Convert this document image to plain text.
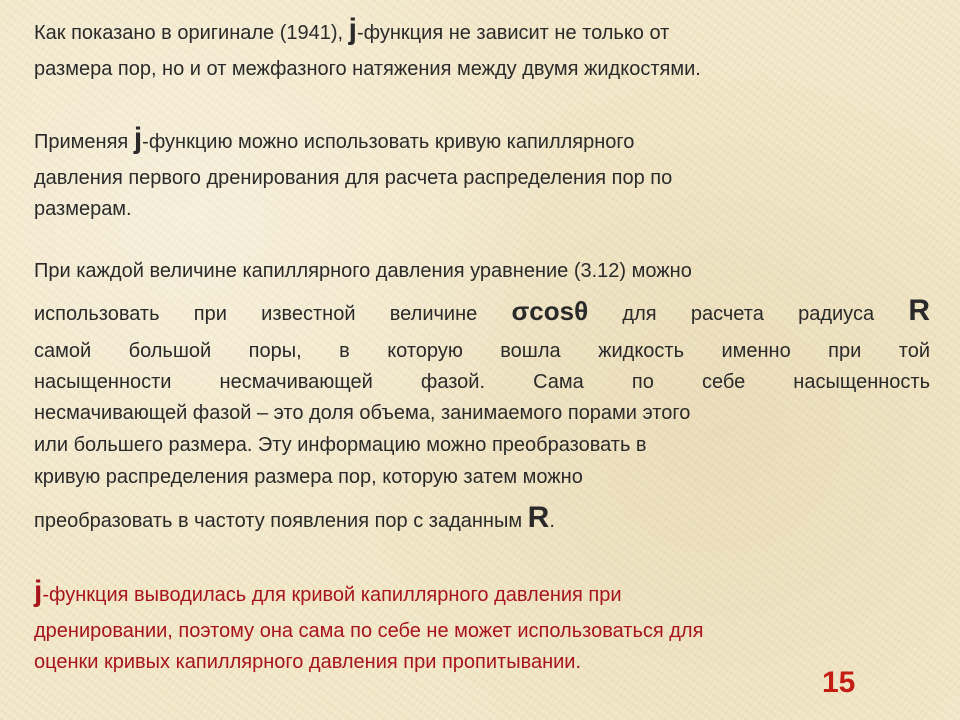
Как показано в оригинале (1941), j-функция не зависит не только от
размера пор, но и от межфазного натяжения между двумя жидкостями.
Применяя j-функцию можно использовать кривую капиллярного
давления первого дренирования для расчета распределения пор по
размерам.
При каждой величине капиллярного давления уравнение (3.12) можно
использовать при известной величине σcosθ для расчета радиуса R
самой большой поры, в которую вошла жидкость именно при той
насыщенности несмачивающей фазой. Сама по себе насыщенность
несмачивающей фазой – это доля объема, занимаемого порами этого
или большего размера. Эту информацию можно преобразовать в
кривую распределения размера пор, которую затем можно
преобразовать в частоту появления пор с заданным R.
j-функция выводилась для кривой капиллярного давления при
дренировании, поэтому она сама по себе не может использоваться для
оценки кривых капиллярного давления при пропитывании.
15
